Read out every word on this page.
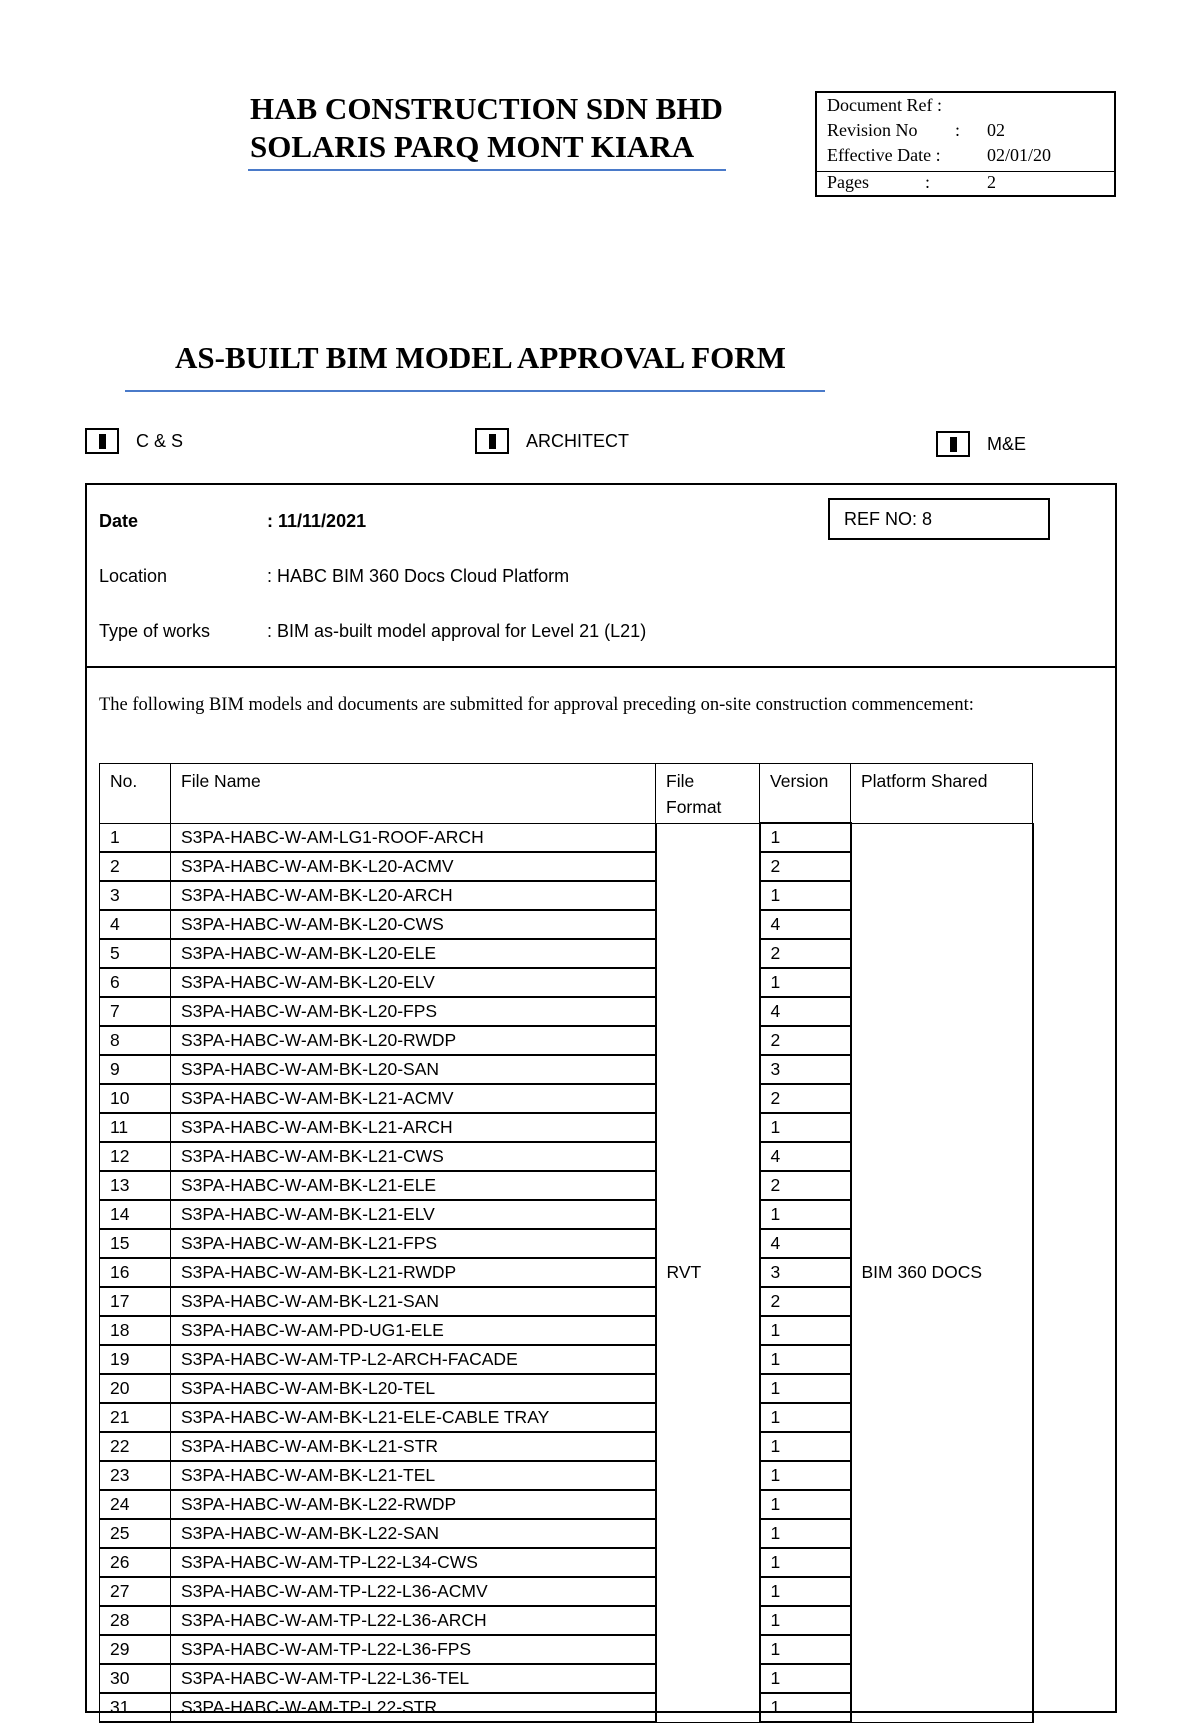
HAB CONSTRUCTION SDN BHD
SOLARIS PARQ MONT KIARA
Document Ref :
Revision No : 02
Effective Date :	02/01/20
Pages	:	2
AS-BUILT BIM MODEL APPROVAL FORM
C & S	ARCHITECT	M&E
Date	: 11/11/2021	REF NO: 8
Location	: HABC BIM 360 Docs Cloud Platform
Type of works	: BIM as-built model approval for Level 21 (L21)
The following BIM models and documents are submitted for approval preceding on-site construction commencement:
No.	File Name	File Format	Version	Platform Shared
1	S3PA-HABC-W-AM-LG1-ROOF-ARCH	RVT	1	BIM 360 DOCS
2	S3PA-HABC-W-AM-BK-L20-ACMV		2	
3	S3PA-HABC-W-AM-BK-L20-ARCH		1	
4	S3PA-HABC-W-AM-BK-L20-CWS		4	
5	S3PA-HABC-W-AM-BK-L20-ELE		2	
6	S3PA-HABC-W-AM-BK-L20-ELV		1	
7	S3PA-HABC-W-AM-BK-L20-FPS		4	
8	S3PA-HABC-W-AM-BK-L20-RWDP		2	
9	S3PA-HABC-W-AM-BK-L20-SAN		3	
10	S3PA-HABC-W-AM-BK-L21-ACMV		2	
11	S3PA-HABC-W-AM-BK-L21-ARCH		1	
12	S3PA-HABC-W-AM-BK-L21-CWS		4	
13	S3PA-HABC-W-AM-BK-L21-ELE		2	
14	S3PA-HABC-W-AM-BK-L21-ELV		1	
15	S3PA-HABC-W-AM-BK-L21-FPS		4	
16	S3PA-HABC-W-AM-BK-L21-RWDP		3	
17	S3PA-HABC-W-AM-BK-L21-SAN		2	
18	S3PA-HABC-W-AM-PD-UG1-ELE		1	
19	S3PA-HABC-W-AM-TP-L2-ARCH-FACADE		1	
20	S3PA-HABC-W-AM-BK-L20-TEL		1	
21	S3PA-HABC-W-AM-BK-L21-ELE-CABLE TRAY		1	
22	S3PA-HABC-W-AM-BK-L21-STR		1	
23	S3PA-HABC-W-AM-BK-L21-TEL		1	
24	S3PA-HABC-W-AM-BK-L22-RWDP		1	
25	S3PA-HABC-W-AM-BK-L22-SAN		1	
26	S3PA-HABC-W-AM-TP-L22-L34-CWS		1	
27	S3PA-HABC-W-AM-TP-L22-L36-ACMV		1	
28	S3PA-HABC-W-AM-TP-L22-L36-ARCH		1	
29	S3PA-HABC-W-AM-TP-L22-L36-FPS		1	
30	S3PA-HABC-W-AM-TP-L22-L36-TEL		1	
31	S3PA-HABC-W-AM-TP-L22-STR		1	
